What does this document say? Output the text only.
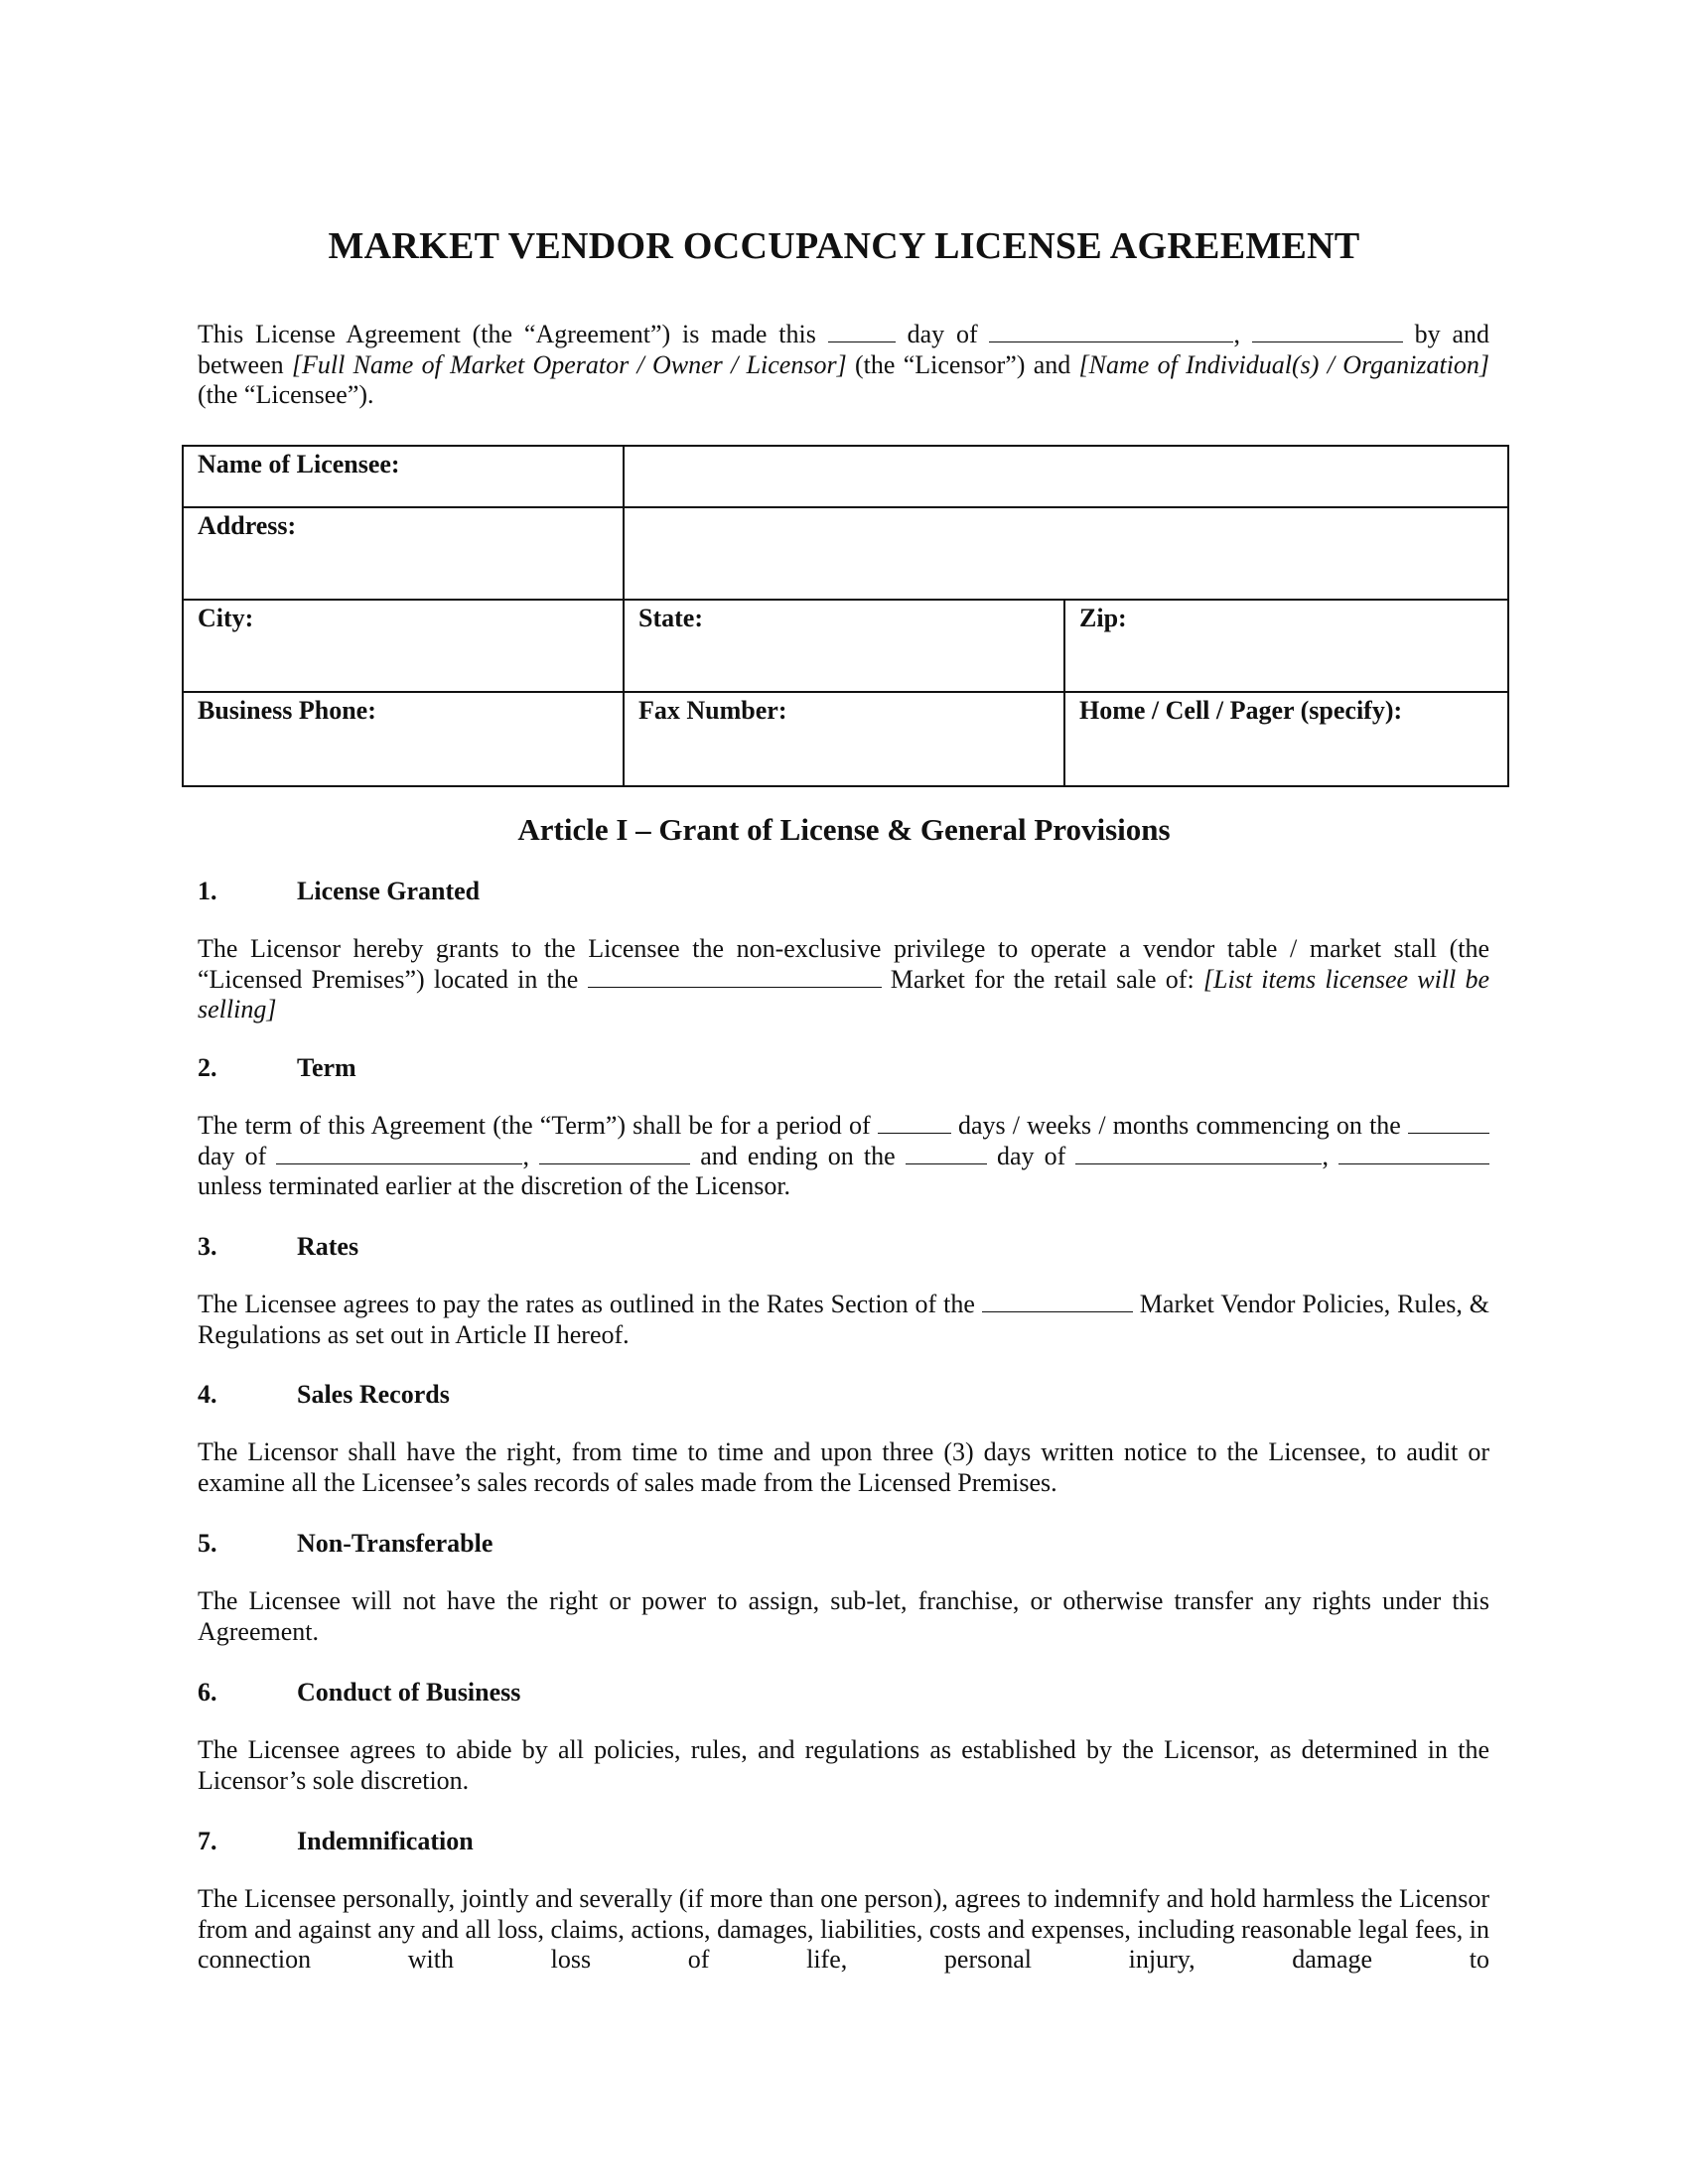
MARKET VENDOR OCCUPANCY LICENSE AGREEMENT

This License Agreement (the “Agreement”) is made this	day of	,	by and between [Full Name of Market Operator / Owner / Licensor] (the “Licensor”) and [Name of Individual(s) / Organization] (the “Licensee”).

Name of Licensee:		
Address:		
City:	State:	Zip:
Business Phone:	Fax Number:	Home / Cell / Pager (specify):
Article I – Grant of License & General Provisions
1.	License Granted

The Licensor hereby grants to the Licensee the non-exclusive privilege to operate a vendor table / market stall (the “Licensed Premises”) located in the	Market for the retail sale of: [List items licensee will be selling]

2.	Term

The term of this Agreement (the “Term”) shall be for a period of	days / weeks / months commencing on the  day of	,	and ending on the	day of	,  unless terminated earlier at the discretion of the Licensor.

3.	Rates

The Licensee agrees to pay the rates as outlined in the Rates Section of the	Market Vendor Policies, Rules, & Regulations as set out in Article II hereof.

4.	Sales Records

The Licensor shall have the right, from time to time and upon three (3) days written notice to the Licensee, to audit or examine all the Licensee’s sales records of sales made from the Licensed Premises.

5.	Non-Transferable

The Licensee will not have the right or power to assign, sub-let, franchise, or otherwise transfer any rights under this Agreement.

6.	Conduct of Business

The Licensee agrees to abide by all policies, rules, and regulations as established by the Licensor, as determined in the Licensor’s sole discretion.

7.	Indemnification

The Licensee personally, jointly and severally (if more than one person), agrees to indemnify and hold harmless the Licensor from and against any and all loss, claims, actions, damages, liabilities, costs and expenses, including reasonable legal fees, in connection with loss of life, personal injury, damage to
